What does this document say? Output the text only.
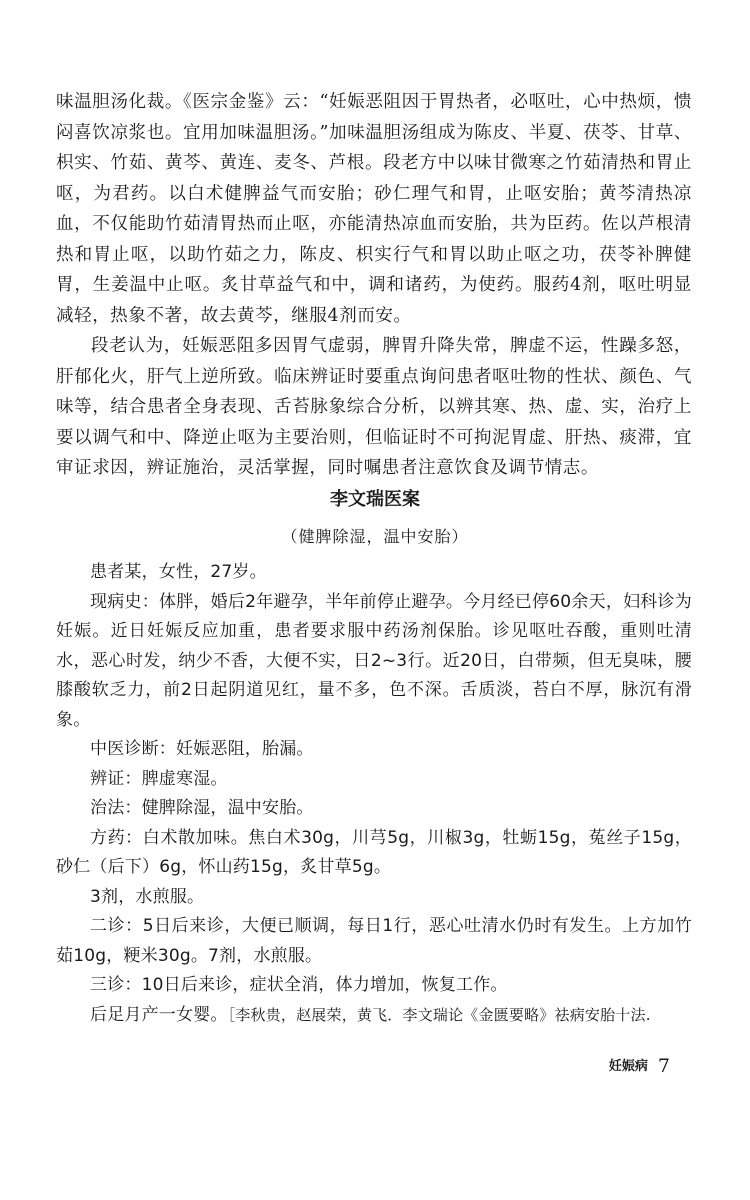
味温胆汤化裁。《医宗金鉴》云：“妊娠恶阻因于胃热者，必呕吐，心中热烦，愦闷喜饮凉浆也。宜用加味温胆汤。”加味温胆汤组成为陈皮、半夏、茯苓、甘草、枳实、竹茹、黄芩、黄连、麦冬、芦根。段老方中以味甘微寒之竹茹清热和胃止呕，为君药。以白术健脾益气而安胎；砂仁理气和胃，止呕安胎；黄芩清热凉血，不仅能助竹茹清胃热而止呕，亦能清热凉血而安胎，共为臣药。佐以芦根清热和胃止呕，以助竹茹之力，陈皮、枳实行气和胃以助止呕之功，茯苓补脾健胃，生姜温中止呕。炙甘草益气和中，调和诸药，为使药。服药4剂，呕吐明显减轻，热象不著，故去黄芩，继服4剂而安。

段老认为，妊娠恶阻多因胃气虚弱，脾胃升降失常，脾虚不运，性躁多怒，肝郁化火，肝气上逆所致。临床辨证时要重点询问患者呕吐物的性状、颜色、气味等，结合患者全身表现、舌苔脉象综合分析，以辨其寒、热、虚、实，治疗上要以调气和中、降逆止呕为主要治则，但临证时不可拘泥胃虚、肝热、痰滞，宜审证求因，辨证施治，灵活掌握，同时嘱患者注意饮食及调节情志。

李文瑞医案
（健脾除湿，温中安胎）

患者某，女性，27岁。

现病史：体胖，婚后2年避孕，半年前停止避孕。今月经已停60余天，妇科诊为妊娠。近日妊娠反应加重，患者要求服中药汤剂保胎。诊见呕吐吞酸，重则吐清水，恶心时发，纳少不香，大便不实，日2~3行。近20日，白带频，但无臭味，腰膝酸软乏力，前2日起阴道见红，量不多，色不深。舌质淡，苔白不厚，脉沉有滑象。

中医诊断：妊娠恶阻，胎漏。

辨证：脾虚寒湿。

治法：健脾除湿，温中安胎。

方药：白术散加味。焦白术30g，川芎5g，川椒3g，牡蛎15g，菟丝子15g，砂仁（后下）6g，怀山药15g，炙甘草5g。

3剂，水煎服。

二诊：5日后来诊，大便已顺调，每日1行，恶心吐清水仍时有发生。上方加竹茹10g，粳米30g。7剂，水煎服。

三诊：10日后来诊，症状全消，体力增加，恢复工作。

后足月产一女婴。［李秋贵，赵展荣，黄飞．李文瑞论《金匮要略》祛病安胎十法.

妊娠病 7
